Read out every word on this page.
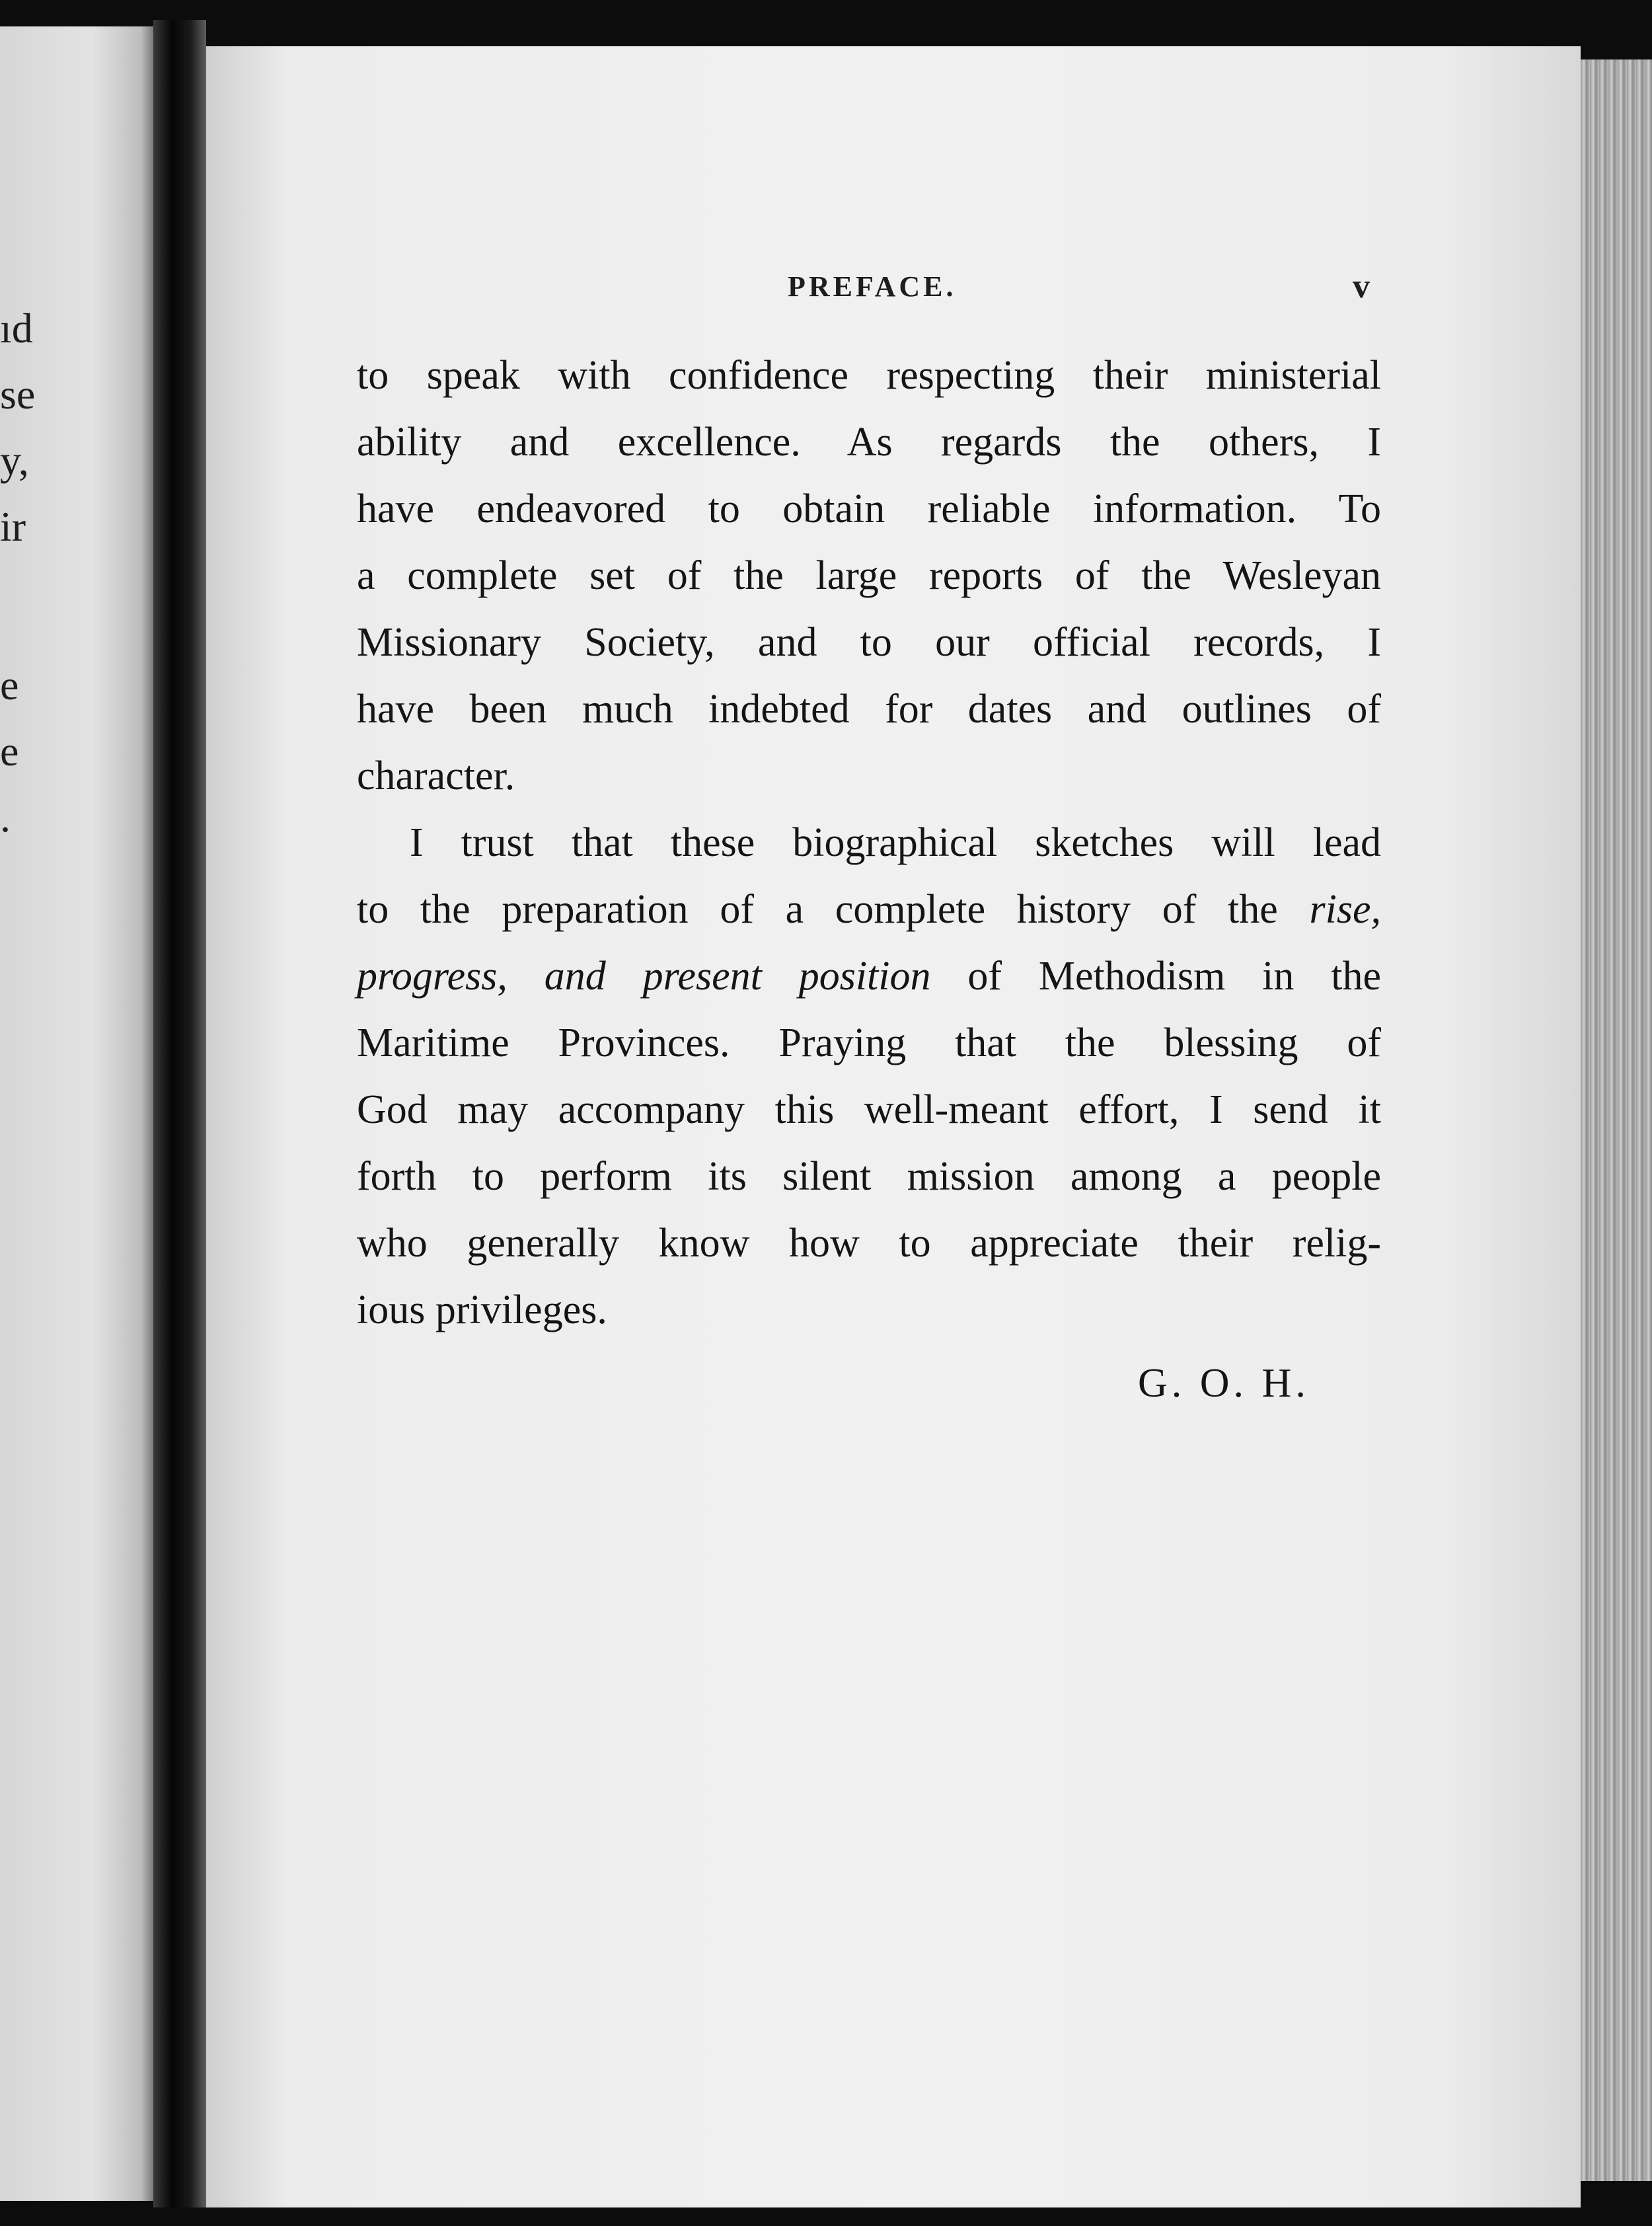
ıd
se
y,
ir
e
e
.
PREFACE.	v
to speak with confidence respecting their ministerial
ability and excellence. As regards the others, I
have endeavored to obtain reliable information. To
a complete set of the large reports of the Wesleyan
Missionary Society, and to our official records, I
have been much indebted for dates and outlines of
character.
I trust that these biographical sketches will lead
to the preparation of a complete history of the rise,
progress, and present position of Methodism in the
Maritime Provinces. Praying that the blessing of
God may accompany this well-meant effort, I send it
forth to perform its silent mission among a people
who generally know how to appreciate their relig-
ious privileges.
G. O. H.
